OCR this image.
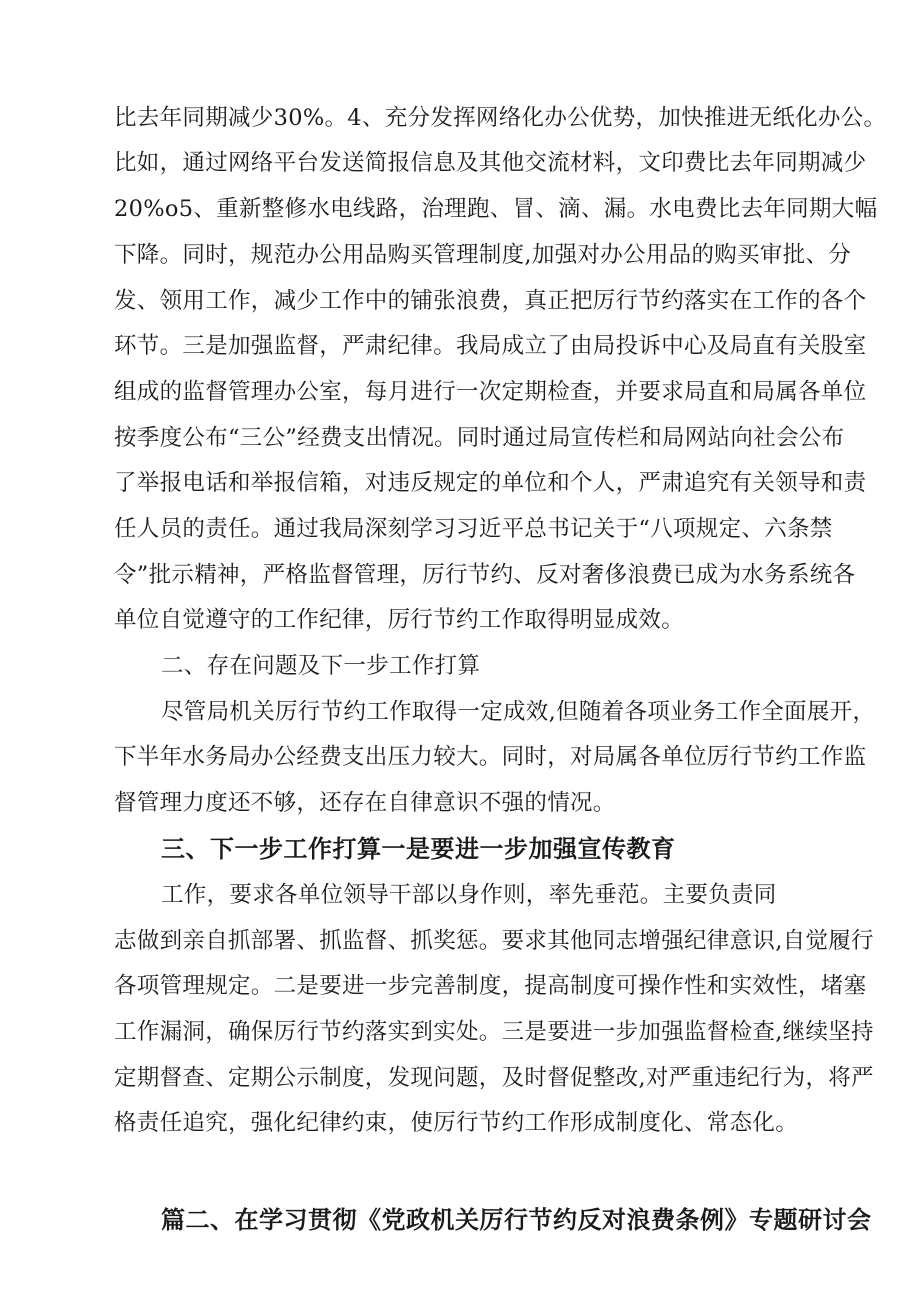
比去年同期减少30%。4、充分发挥网络化办公优势，加快推进无纸化办公。
比如，通过网络平台发送简报信息及其他交流材料，文印费比去年同期减少
20%o5、重新整修水电线路，治理跑、冒、滴、漏。水电费比去年同期大幅
下降。同时，规范办公用品购买管理制度,加强对办公用品的购买审批、分
发、领用工作，减少工作中的铺张浪费，真正把厉行节约落实在工作的各个
环节。三是加强监督，严肃纪律。我局成立了由局投诉中心及局直有关股室
组成的监督管理办公室，每月进行一次定期检查，并要求局直和局属各单位
按季度公布“三公”经费支出情况。同时通过局宣传栏和局网站向社会公布
了举报电话和举报信箱，对违反规定的单位和个人，严肃追究有关领导和责
任人员的责任。通过我局深刻学习习近平总书记关于“八项规定、六条禁
令”批示精神，严格监督管理，厉行节约、反对奢侈浪费已成为水务系统各
单位自觉遵守的工作纪律，厉行节约工作取得明显成效。
二、存在问题及下一步工作打算
尽管局机关厉行节约工作取得一定成效,但随着各项业务工作全面展开，
下半年水务局办公经费支出压力较大。同时，对局属各单位厉行节约工作监
督管理力度还不够，还存在自律意识不强的情况。
三、下一步工作打算一是要进一步加强宣传教育
工作，要求各单位领导干部以身作则，率先垂范。主要负责同
志做到亲自抓部署、抓监督、抓奖惩。要求其他同志增强纪律意识,自觉履行
各项管理规定。二是要进一步完善制度，提高制度可操作性和实效性，堵塞
工作漏洞，确保厉行节约落实到实处。三是要进一步加强监督检查,继续坚持
定期督查、定期公示制度，发现问题，及时督促整改,对严重违纪行为，将严
格责任追究，强化纪律约束，使厉行节约工作形成制度化、常态化。
篇二、在学习贯彻《党政机关厉行节约反对浪费条例》专题研讨会
